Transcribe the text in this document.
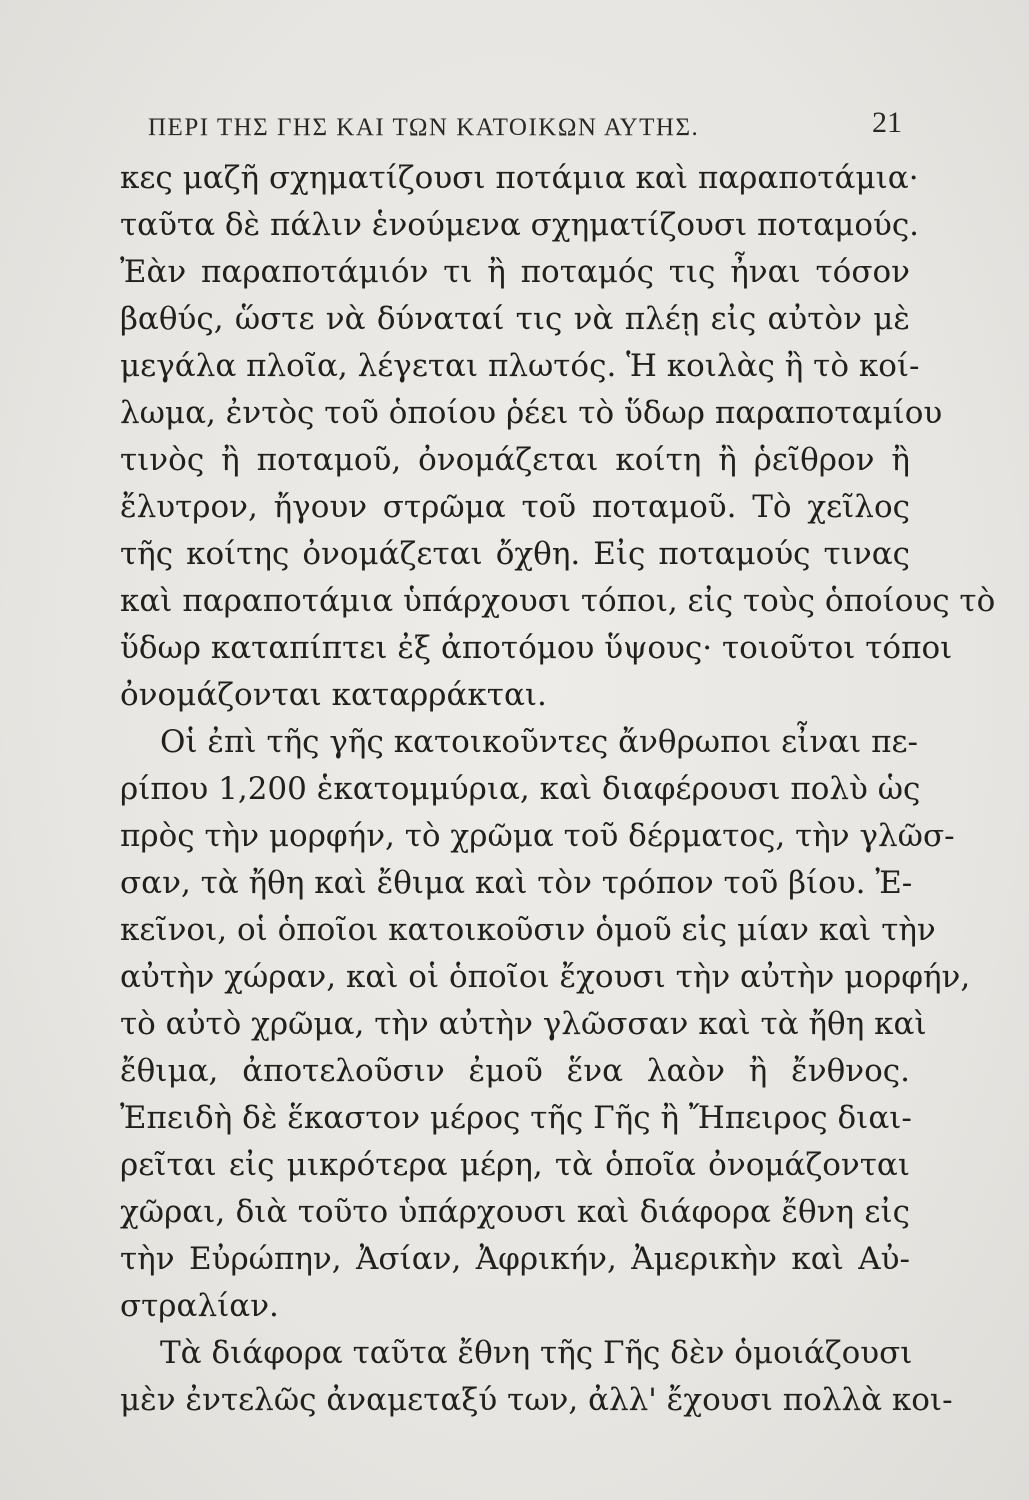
ΠΕΡΙ ΤΗΣ ΓΗΣ ΚΑΙ ΤΩΝ ΚΑΤΟΙΚΩΝ ΑΥΤΗΣ.	21
κες μαζῆ σχηματίζουσι ποτάμια καὶ παραποτάμια·
ταῦτα δὲ πάλιν ἑνούμενα σχηματίζουσι ποταμούς.
Ἐὰν παραποτάμιόν τι ἢ ποταμός τις ἦναι τόσον
βαθύς, ὥστε νὰ δύναταί τις νὰ πλέῃ εἰς αὐτὸν μὲ
μεγάλα πλοῖα, λέγεται πλωτός. Ἡ κοιλὰς ἢ τὸ κοί-
λωμα, ἐντὸς τοῦ ὁποίου ῥέει τὸ ὕδωρ παραποταμίου
τινὸς ἢ ποταμοῦ, ὀνομάζεται κοίτη ἢ ῥεῖθρον ἢ
ἔλυτρον, ἤγουν στρῶμα τοῦ ποταμοῦ. Τὸ χεῖλος
τῆς κοίτης ὀνομάζεται ὄχθη. Εἰς ποταμούς τινας
καὶ παραποτάμια ὑπάρχουσι τόποι, εἰς τοὺς ὁποίους τὸ
ὕδωρ καταπίπτει ἐξ ἀποτόμου ὕψους· τοιοῦτοι τόποι
ὀνομάζονται καταρράκται.
Οἱ ἐπὶ τῆς γῆς κατοικοῦντες ἄνθρωποι εἶναι πε-
ρίπου 1,200 ἑκατομμύρια, καὶ διαφέρουσι πολὺ ὡς
πρὸς τὴν μορφήν, τὸ χρῶμα τοῦ δέρματος, τὴν γλῶσ-
σαν, τὰ ἤθη καὶ ἔθιμα καὶ τὸν τρόπον τοῦ βίου. Ἐ-
κεῖνοι, οἱ ὁποῖοι κατοικοῦσιν ὁμοῦ εἰς μίαν καὶ τὴν
αὐτὴν χώραν, καὶ οἱ ὁποῖοι ἔχουσι τὴν αὐτὴν μορφήν,
τὸ αὐτὸ χρῶμα, τὴν αὐτὴν γλῶσσαν καὶ τὰ ἤθη καὶ
ἔθιμα, ἀποτελοῦσιν ἐμοῦ ἕνα λαὸν ἢ ἔνθνος.
Ἐπειδὴ δὲ ἕκαστον μέρος τῆς Γῆς ἢ Ἤπειρος διαι-
ρεῖται εἰς μικρότερα μέρη, τὰ ὁποῖα ὀνομάζονται
χῶραι, διὰ τοῦτο ὑπάρχουσι καὶ διάφορα ἔθνη εἰς
τὴν Εὐρώπην, Ἀσίαν, Ἀφρικήν, Ἀμερικὴν καὶ Αὐ-
στραλίαν.
Τὰ διάφορα ταῦτα ἔθνη τῆς Γῆς δὲν ὁμοιάζουσι
μὲν ἐντελῶς ἀναμεταξύ των, ἀλλ' ἔχουσι πολλὰ κοι-
